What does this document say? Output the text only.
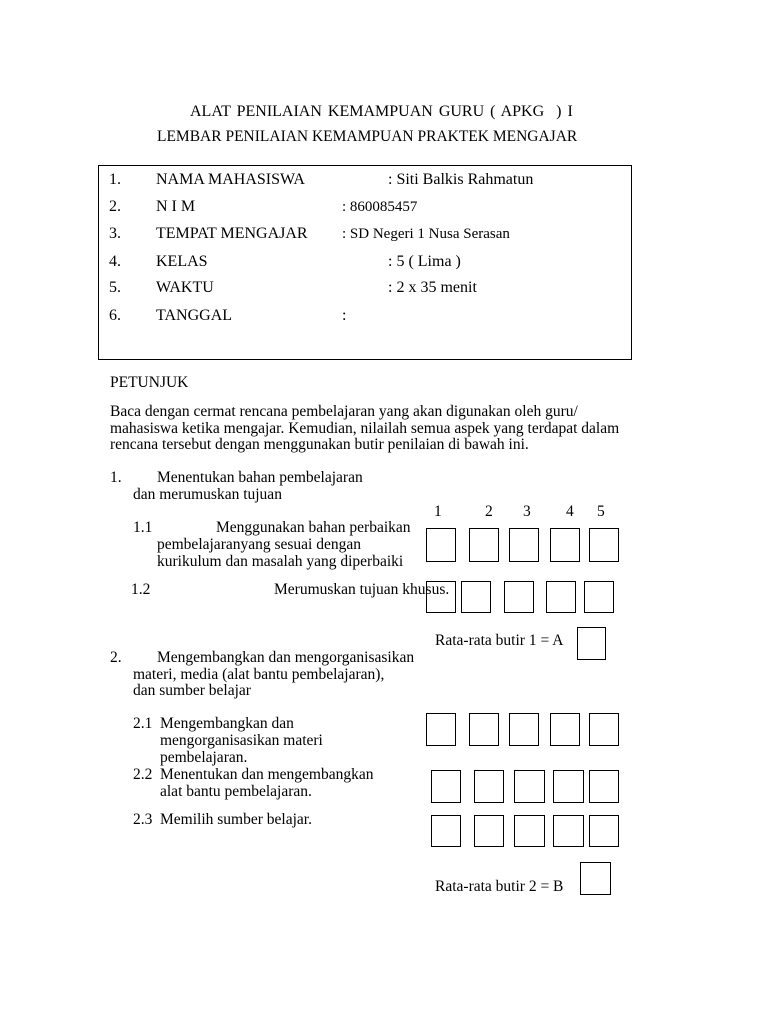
ALAT PENILAIAN KEMAMPUAN GURU ( APKG  ) I
LEMBAR PENILAIAN KEMAMPUAN PRAKTEK MENGAJAR
1. NAMA MAHASISWA	: Siti Balkis Rahmatun
2. N I M	: 860085457
3. TEMPAT MENGAJAR : SD Negeri 1 Nusa Serasan
4. KELAS	: 5 ( Lima )
5. WAKTU	: 2 x 35 menit
6. TANGGAL	:
PETUNJUK
Baca dengan cermat rencana pembelajaran yang akan digunakan oleh guru/
mahasiswa ketika mengajar. Kemudian, nilailah semua aspek yang terdapat dalam
rencana tersebut dengan menggunakan butir penilaian di bawah ini.
1. Menentukan bahan pembelajaran
dan merumuskan tujuan
1	2 3 4 5
1.1	Menggunakan bahan perbaikan
pembelajaranyang sesuai dengan
kurikulum dan masalah yang diperbaiki
1.2	Merumuskan tujuan khusus.
Rata-rata butir 1 = A
2. Mengembangkan dan mengorganisasikan
materi, media (alat bantu pembelajaran),
dan sumber belajar
2.1 Mengembangkan dan
mengorganisasikan materi
pembelajaran.
2.2 Menentukan dan mengembangkan
alat bantu pembelajaran.
2.3 Memilih sumber belajar.
Rata-rata butir 2 = B
